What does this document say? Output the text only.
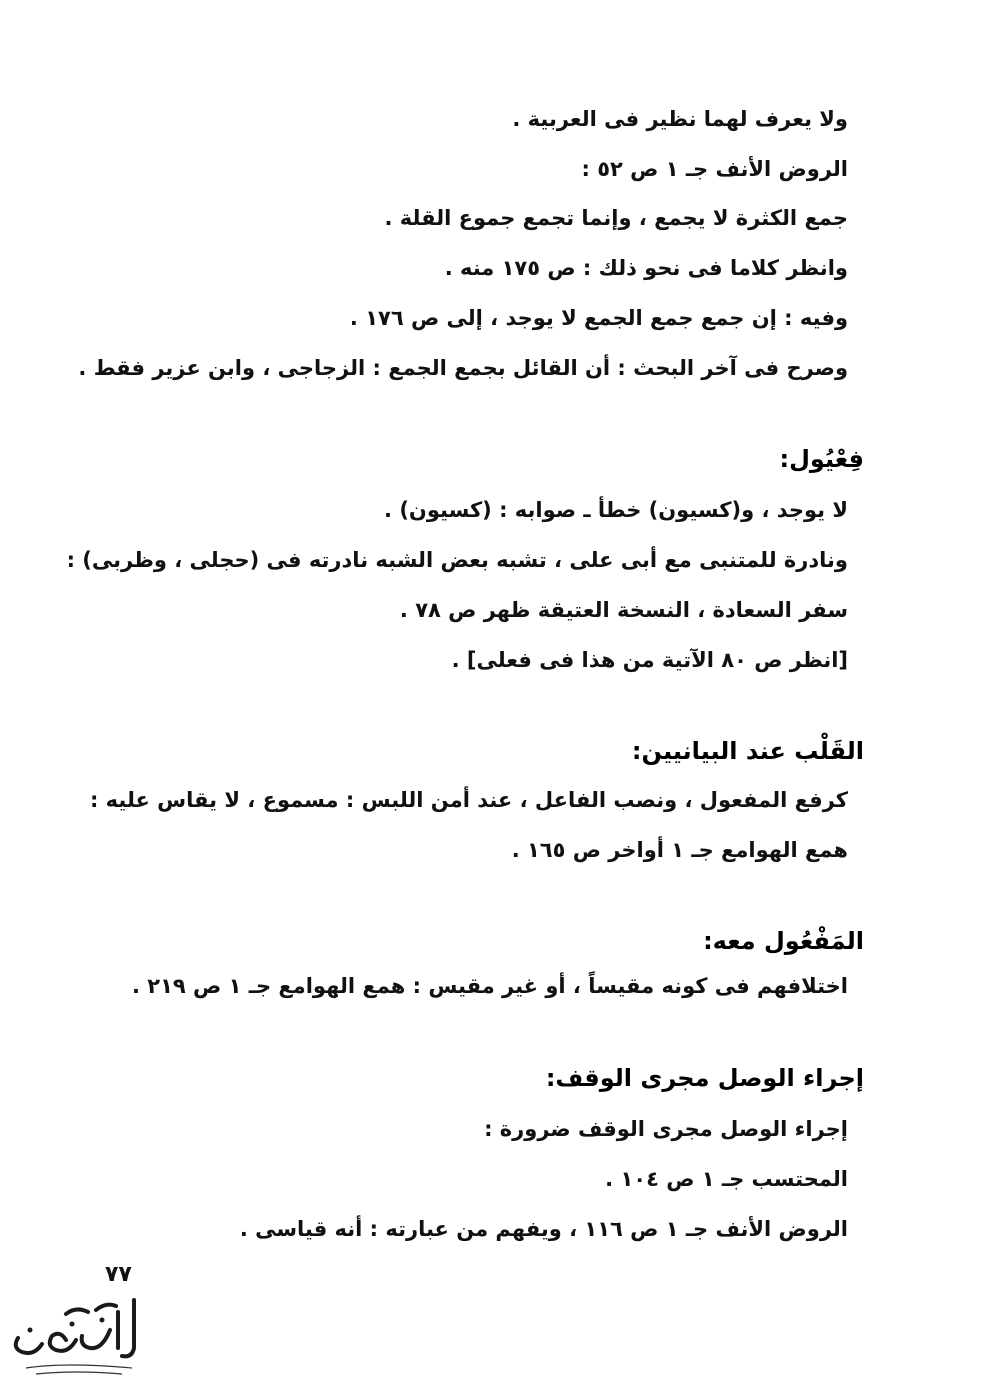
ولا يعرف لهما نظير فى العربية .
الروض الأنف جـ ١ ص ٥٢ :
جمع الكثرة لا يجمع ، وإنما تجمع جموع القلة .
وانظر كلاما فى نحو ذلك : ص ١٧٥ منه .
وفيه : إن جمع جمع الجمع لا يوجد ، إلى ص ١٧٦ .
وصرح فى آخر البحث : أن القائل بجمع الجمع : الزجاجى ، وابن عزير فقط .
فِعْيُول:
لا يوجد ، و(كسيون) خطأ ـ صوابه : (كسيون) .
ونادرة للمتنبى مع أبى على ، تشبه بعض الشبه نادرته فى (حجلى ، وظربى) :
سفر السعادة ، النسخة العتيقة ظهر ص ٧٨ .
[انظر ص ٨٠ الآتية من هذا فى فعلى] .
القَلْب عند البيانيين:
كرفع المفعول ، ونصب الفاعل ، عند أمن اللبس : مسموع ، لا يقاس عليه :
همع الهوامع جـ ١ أواخر ص ١٦٥ .
المَفْعُول معه:
اختلافهم فى كونه مقيساً ، أو غير مقيس : همع الهوامع جـ ١ ص ٢١٩ .
إجراء الوصل مجرى الوقف:
إجراء الوصل مجرى الوقف ضرورة :
المحتسب جـ ١ ص ١٠٤ .
الروض الأنف جـ ١ ص ١١٦ ، ويفهم من عبارته : أنه قياسى .
٧٧
